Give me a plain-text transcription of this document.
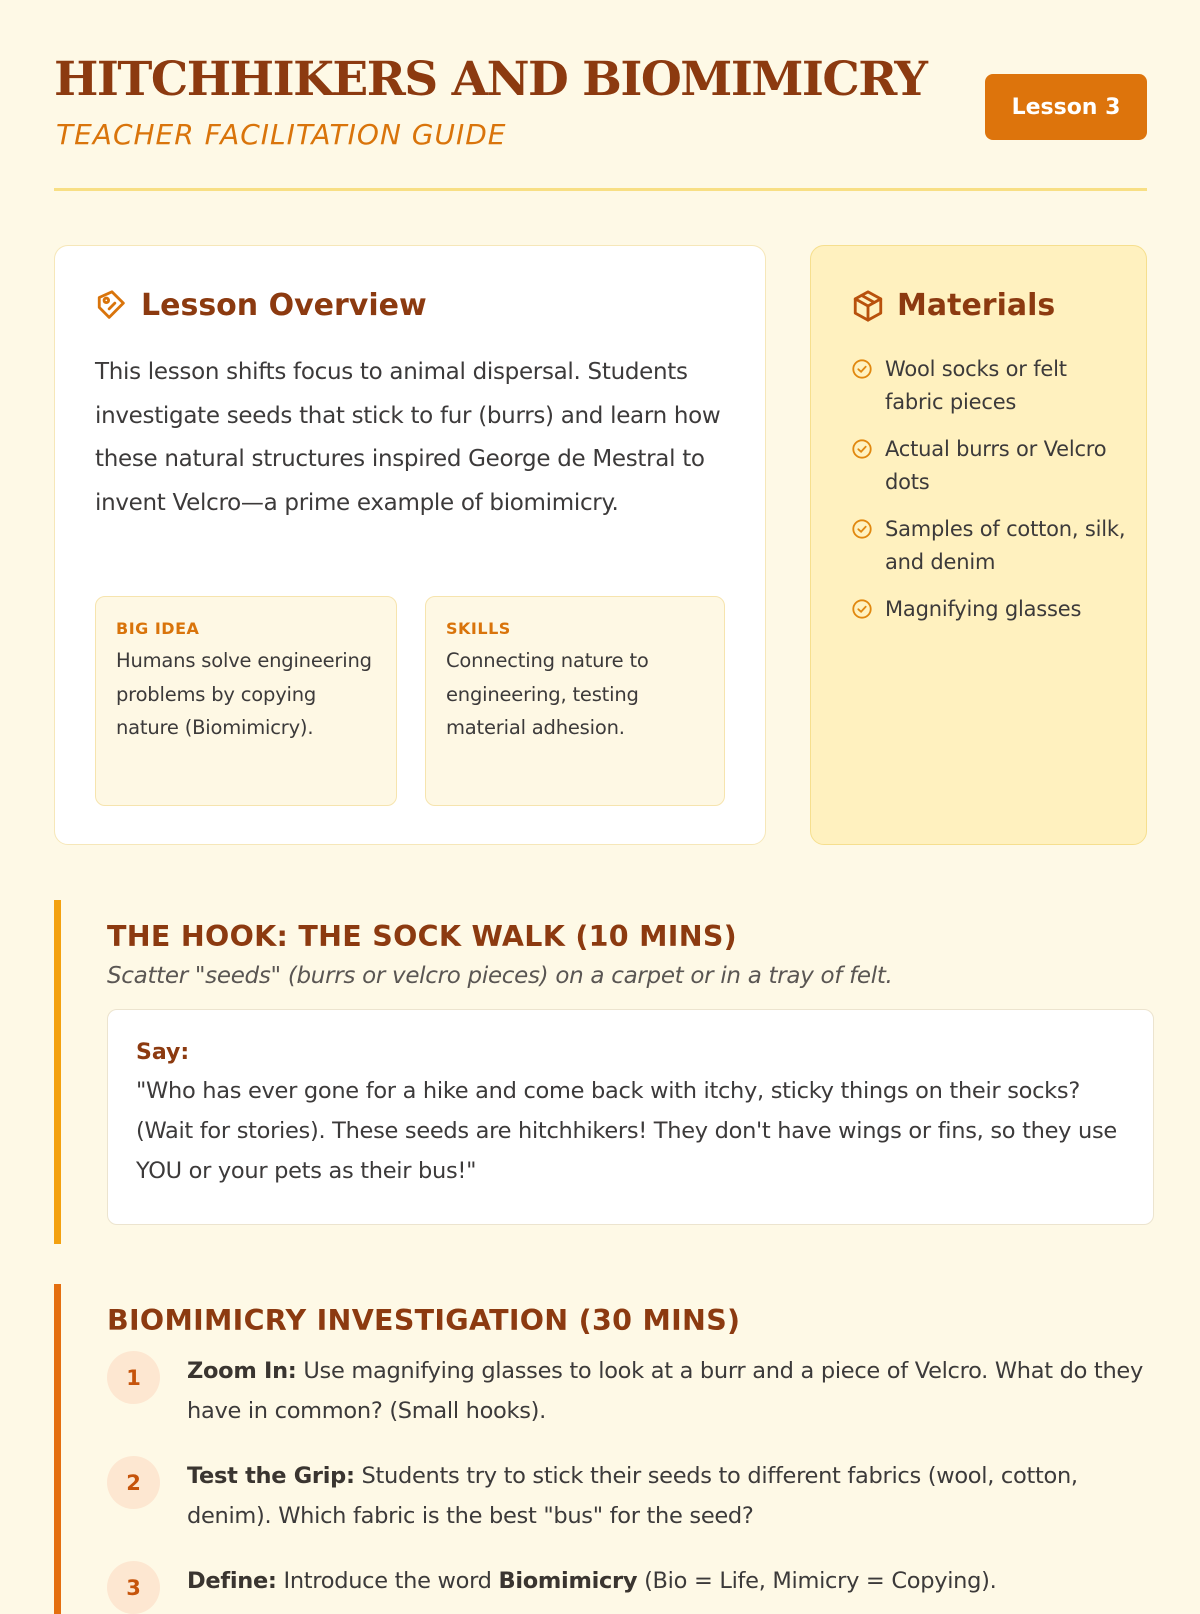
HITCHHIKERS AND BIOMIMICRY
TEACHER FACILITATION GUIDE
Lesson 3
Lesson Overview
This lesson shifts focus to animal dispersal. Students investigate seeds that stick to fur (burrs) and learn how these natural structures inspired George de Mestral to invent Velcro—a prime example of biomimicry.
BIG IDEA
Humans solve engineering problems by copying nature (Biomimicry).
SKILLS
Connecting nature to engineering, testing material adhesion.
Materials
Wool socks or felt fabric pieces
Actual burrs or Velcro dots
Samples of cotton, silk, and denim
Magnifying glasses
THE HOOK: THE SOCK WALK (10 MINS)
Scatter "seeds" (burrs or velcro pieces) on a carpet or in a tray of felt.
Say:
"Who has ever gone for a hike and come back with itchy, sticky things on their socks? (Wait for stories). These seeds are hitchhikers! They don't have wings or fins, so they use YOU or your pets as their bus!"
BIOMIMICRY INVESTIGATION (30 MINS)
1	Zoom In: Use magnifying glasses to look at a burr and a piece of Velcro. What do they have in common? (Small hooks).
2	Test the Grip: Students try to stick their seeds to different fabrics (wool, cotton, denim). Which fabric is the best "bus" for the seed?
3	Define: Introduce the word Biomimicry (Bio = Life, Mimicry = Copying).
